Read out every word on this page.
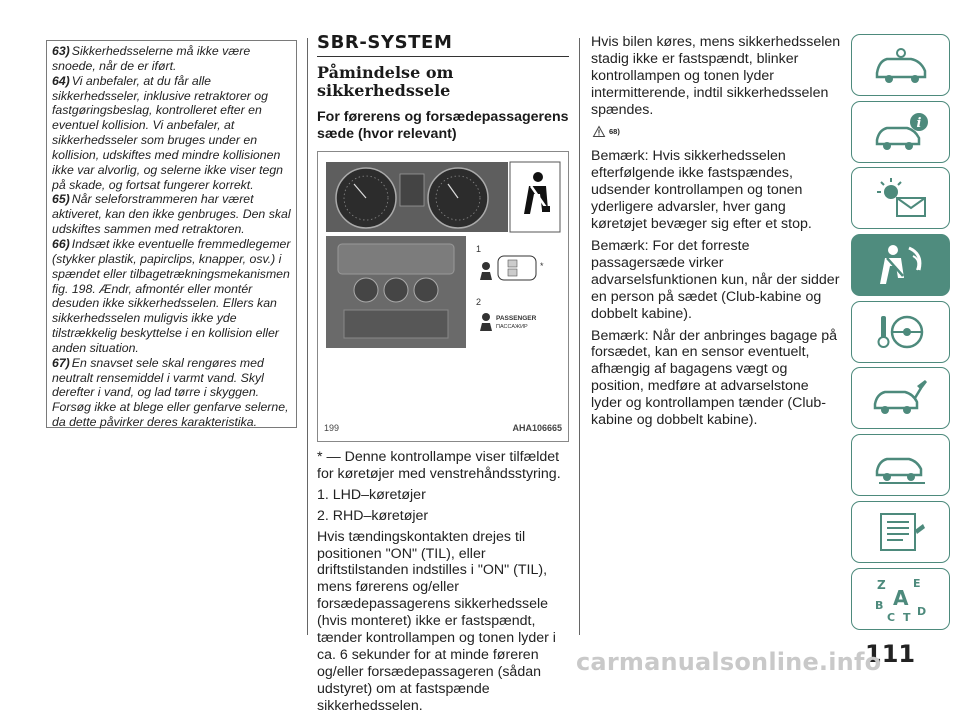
63) Sikkerhedsselerne må ikke være snoede, når de er iført.
64) Vi anbefaler, at du får alle sikkerhedsseler, inklusive retraktorer og fastgøringsbeslag, kontrolleret efter en eventuel kollision. Vi anbefaler, at sikkerhedsseler som bruges under en kollision, udskiftes med mindre kollisionen ikke var alvorlig, og selerne ikke viser tegn på skade, og fortsat fungerer korrekt.
65) Når seleforstrammeren har været aktiveret, kan den ikke genbruges. Den skal udskiftes sammen med retraktoren.
66) Indsæt ikke eventuelle fremmedlegemer (stykker plastik, papirclips, knapper, osv.) i spændet eller tilbagetrækningsmekanismen fig. 198. Ændr, afmontér eller montér desuden ikke sikkerhedsselen. Ellers kan sikkerhedsselen muligvis ikke yde tilstrækkelig beskyttelse i en kollision eller anden situation.
67) En snavset sele skal rengøres med neutralt rensemiddel i varmt vand. Skyl derefter i vand, og lad tørre i skyggen. Forsøg ikke at blege eller genfarve selerne, da dette påvirker deres karakteristika.
SBR-SYSTEM
Påmindelse om sikkerhedssele
For førerens og forsædepassagerens sæde (hvor relevant)
1
*
2
PASSENGER
ПАССАЖИР
199	AHA106665

* — Denne kontrollampe viser tilfældet for køretøjer med venstrehåndsstyring.

1. LHD–køretøjer

2. RHD–køretøjer

Hvis tændingskontakten drejes til positionen "ON" (TIL), eller driftstilstanden indstilles i "ON" (TIL), mens førerens og/eller forsædepassagerens sikkerhedssele (hvis monteret) ikke er fastspændt, tænder kontrollampen og tonen lyder i ca. 6 sekunder for at minde føreren og/eller forsædepassageren (sådan udstyret) om at fastspænde sikkerhedsselen.

Hvis bilen køres, mens sikkerhedsselen stadig ikke er fastspændt, blinker kontrollampen og tonen lyder intermitterende, indtil sikkerhedsselen spændes.

68)

Bemærk: Hvis sikkerhedsselen efterfølgende ikke fastspændes, udsender kontrollampen og tonen yderligere advarsler, hver gang køretøjet bevæger sig efter et stop.

Bemærk: For det forreste passagersæde virker advarselsfunktionen kun, når der sidder en person på sædet (Club-kabine og dobbelt kabine).

Bemærk: Når der anbringes bagage på forsædet, kan en sensor eventuelt, afhængig af bagagens vægt og position, medføre at advarselstone lyder og kontrollampen tænder (Club-kabine og dobbelt kabine).

i
Z E
A
B	D
C T
111
carmanualsonline.info
